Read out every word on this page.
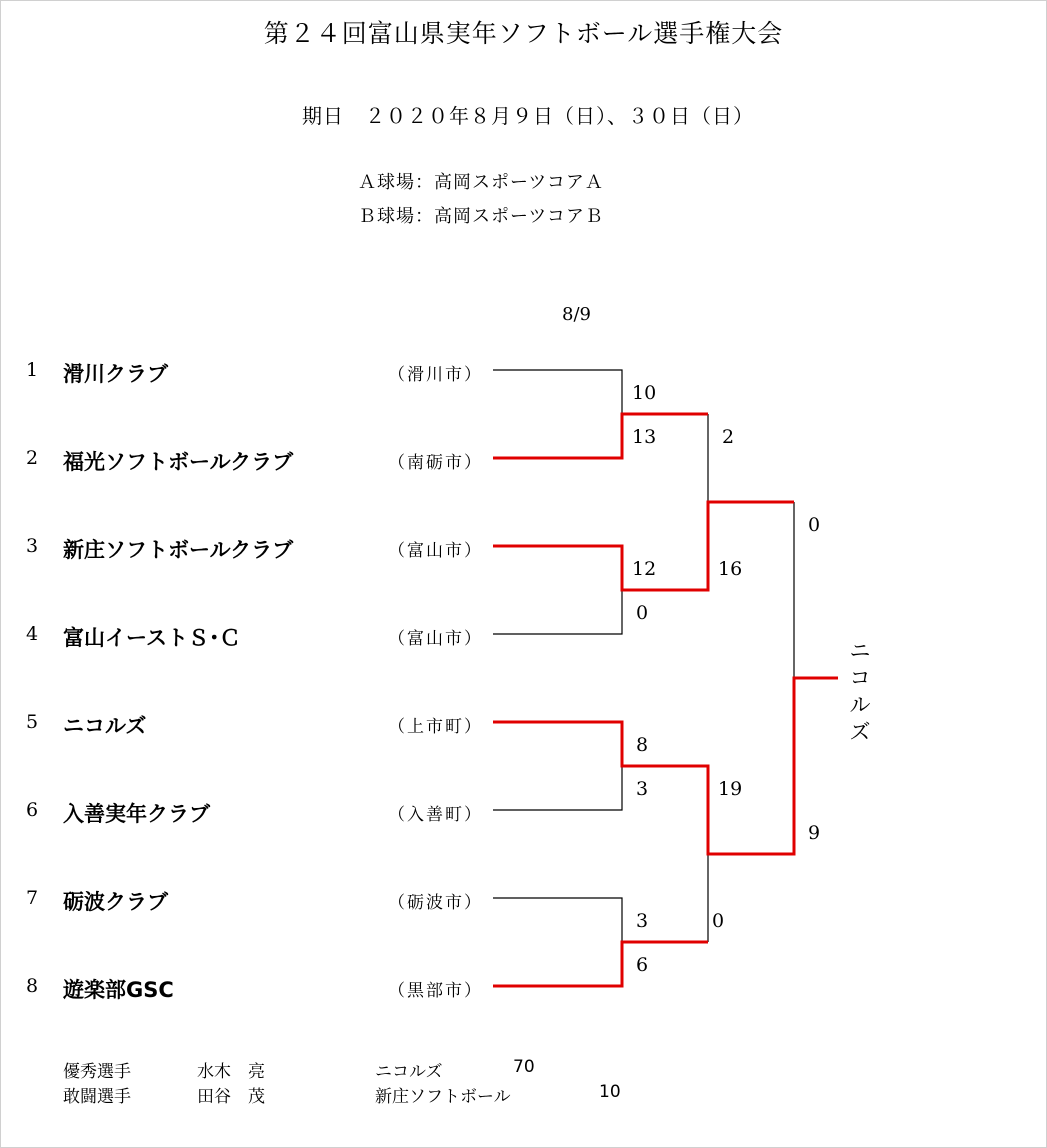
第２４回富山県実年ソフトボール選手権大会
期日　２０２０年８月９日（日）、３０日（日）
Ａ球場：高岡スポーツコアＡ
Ｂ球場：高岡スポーツコアＢ
8/9
1 滑川クラブ	（滑川市）
2 福光ソフトボールクラブ	（南砺市）
3 新庄ソフトボールクラブ	（富山市）
4 富山イーストＳ･Ｃ	（富山市）
5 ニコルズ	（上市町）
6 入善実年クラブ	（入善町）
7 砺波クラブ	（砺波市）
8 遊楽部GSC	（黒部市）
10
13
12
0
8
3
3
6
2
16
19
0
0
9
ニコルズ
優秀選手	水木　亮	ニコルズ	70
敢闘選手	田谷　茂	新庄ソフトボール	10
